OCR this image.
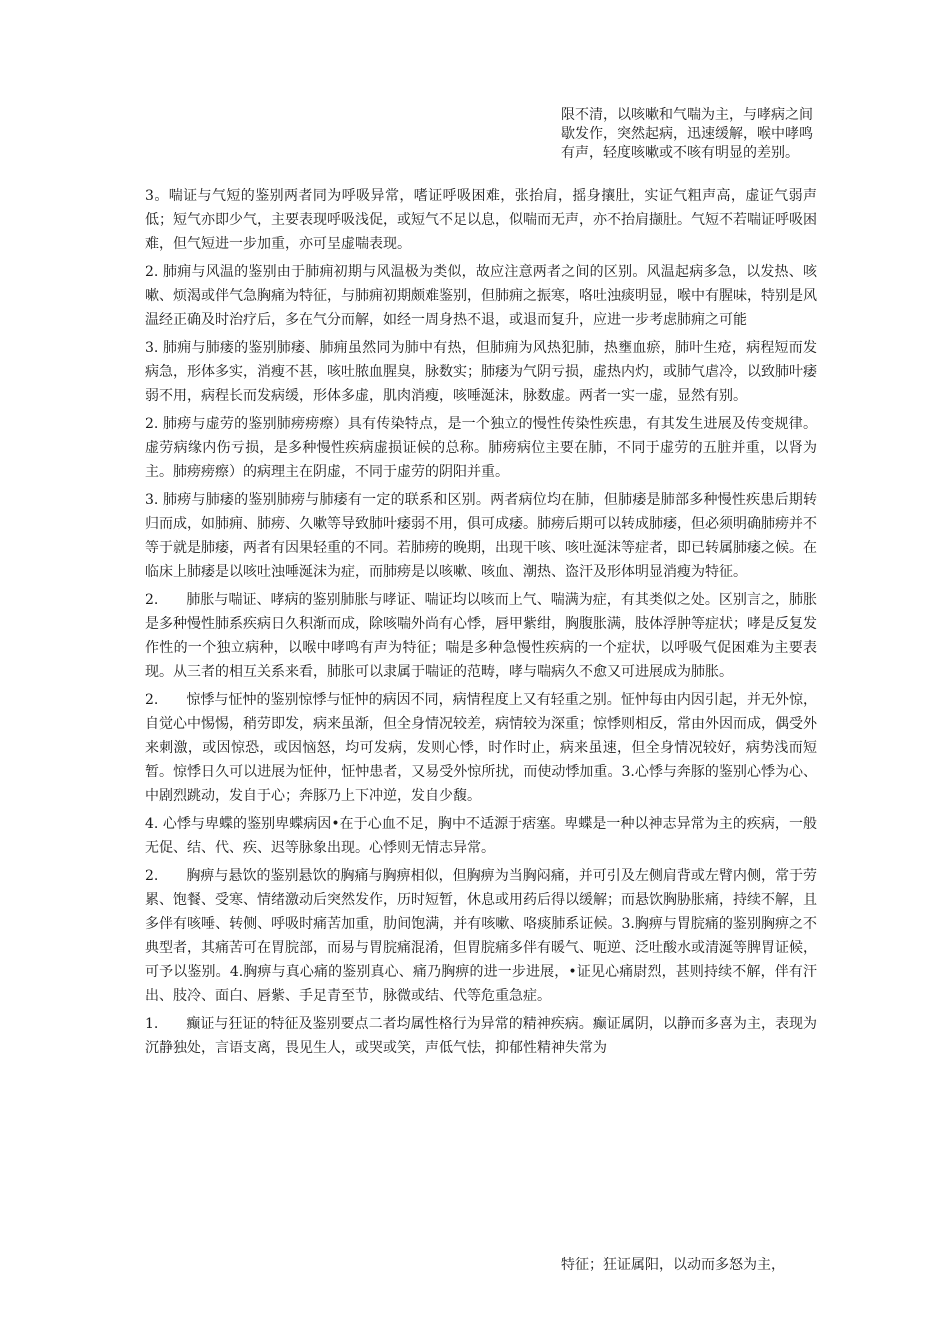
限不清，以咳嗽和气喘为主，与哮病之间歇发作，突然起病，迅速缓解，喉中哮鸣有声，轻度咳嗽或不咳有明显的差别。

3。喘证与气短的鉴别两者同为呼吸异常，嗜证呼吸困难，张抬肩，摇身攘肚，实证气粗声高，虚证气弱声低；短气亦即少气，主要表现呼吸浅促，或短气不足以息，似喘而无声，亦不抬肩撷肚。气短不若喘证呼吸困难，但气短进一步加重，亦可呈虚喘表现。

2. 肺痈与风温的鉴别由于肺痈初期与风温极为类似，故应注意两者之间的区别。风温起病多急，以发热、咳嗽、烦渴或伴气急胸痛为特征，与肺痈初期颇难鉴别，但肺痈之振寒，咯吐浊痰明显，喉中有腥味，特别是风温经正确及时治疗后，多在气分而解，如经一周身热不退，或退而复升，应进一步考虑肺痈之可能

3. 肺痈与肺瘘的鉴别肺痿、肺痈虽然同为肺中有热，但肺痈为风热犯肺，热壅血瘀，肺叶生疮，病程短而发病急，形体多实，消瘦不甚，咳吐脓血腥臭，脉数实；肺痿为气阴亏损，虚热内灼，或肺气虐冷，以致肺叶痿弱不用，病程长而发病缓，形体多虚，肌肉消瘦，咳唾涎沫，脉数虚。两者一实一虚，显然有别。

2. 肺痨与虚劳的鉴别肺痨痨瘵）具有传染特点，是一个独立的慢性传染性疾患，有其发生进展及传变规律。虚劳病缘内伤亏损，是多种慢性疾病虚损证候的总称。肺痨病位主要在肺，不同于虚劳的五脏并重，以肾为主。肺痨痨瘵）的病理主在阴虚，不同于虚劳的阴阳并重。

3. 肺痨与肺痿的鉴别肺痨与肺痿有一定的联系和区别。两者病位均在肺，但肺痿是肺部多种慢性疾患后期转归而成，如肺痈、肺痨、久嗽等导致肺叶痿弱不用，俱可成痿。肺痨后期可以转成肺痿，但必须明确肺痨并不等于就是肺痿，两者有因果轻重的不同。若肺痨的晚期，出现干咳、咳吐涎沫等症者，即已转属肺痿之候。在临床上肺痿是以咳吐浊唾涎沫为症，而肺痨是以咳嗽、咳血、潮热、盗汗及形体明显消瘦为特征。

2.　　肺胀与喘证、哮病的鉴别肺胀与哮证、喘证均以咳而上气、喘满为症，有其类似之处。区别言之，肺胀是多种慢性肺系疾病日久积渐而成，除咳喘外尚有心悸，唇甲紫绀，胸腹胀满，肢体浮肿等症状；哮是反复发作性的一个独立病种，以喉中哮鸣有声为特征；喘是多种急慢性疾病的一个症状，以呼吸气促困难为主要表现。从三者的相互关系来看，肺胀可以隶属于喘证的范畴，哮与喘病久不愈又可进展成为肺胀。

2.　　惊悸与怔忡的鉴别惊悸与怔忡的病因不同，病情程度上又有轻重之别。怔忡每由内因引起，并无外惊，自觉心中惕惕，稍劳即发，病来虽渐，但全身情况较差，病情较为深重；惊悸则相反，常由外因而成，偶受外来刺激，或因惊恐，或因恼怒，均可发病，发则心悸，时作时止，病来虽速，但全身情况较好，病势浅而短暂。惊悸日久可以进展为怔仲，怔忡患者，又易受外惊所扰，而使动悸加重。3.心悸与奔豚的鉴别心悸为心、中剧烈跳动，发自于心；奔豚乃上下冲逆，发自少馥。

4. 心悸与卑蝶的鉴别卑蝶病因•在于心血不足，胸中不适源于痞塞。卑蝶是一种以神志异常为主的疾病，一般无促、结、代、疾、迟等脉象出现。心悸则无情志异常。

2.　　胸痹与悬饮的鉴别悬饮的胸痛与胸痹相似，但胸痹为当胸闷痛，并可引及左侧肩背或左臂内侧，常于劳累、饱餐、受寒、情绪激动后突然发作，历时短暂，休息或用药后得以缓解；而悬饮胸胁胀痛，持续不解，且多伴有咳唾、转侧、呼吸时痛苦加重，肋间饱满，并有咳嗽、咯痰肺系证候。3.胸痹与胃脘痛的鉴别胸痹之不典型者，其痛苦可在胃脘部，而易与胃脘痛混淆，但胃脘痛多伴有暖气、呃逆、泛吐酸水或清涎等脾胃证候，可予以鉴别。4.胸痹与真心痛的鉴别真心、痛乃胸痹的进一步进展，•证见心痛尉烈，甚则持续不解，伴有汗出、肢冷、面白、唇紫、手足青至节，脉微或结、代等危重急症。

1.　　癫证与狂证的特征及鉴别要点二者均属性格行为异常的精神疾病。癫证属阴，以静而多喜为主，表现为沉静独处，言语支离，畏见生人，或哭或笑，声低气怯，抑郁性精神失常为

特征；狂证属阳，以动而多怒为主，
